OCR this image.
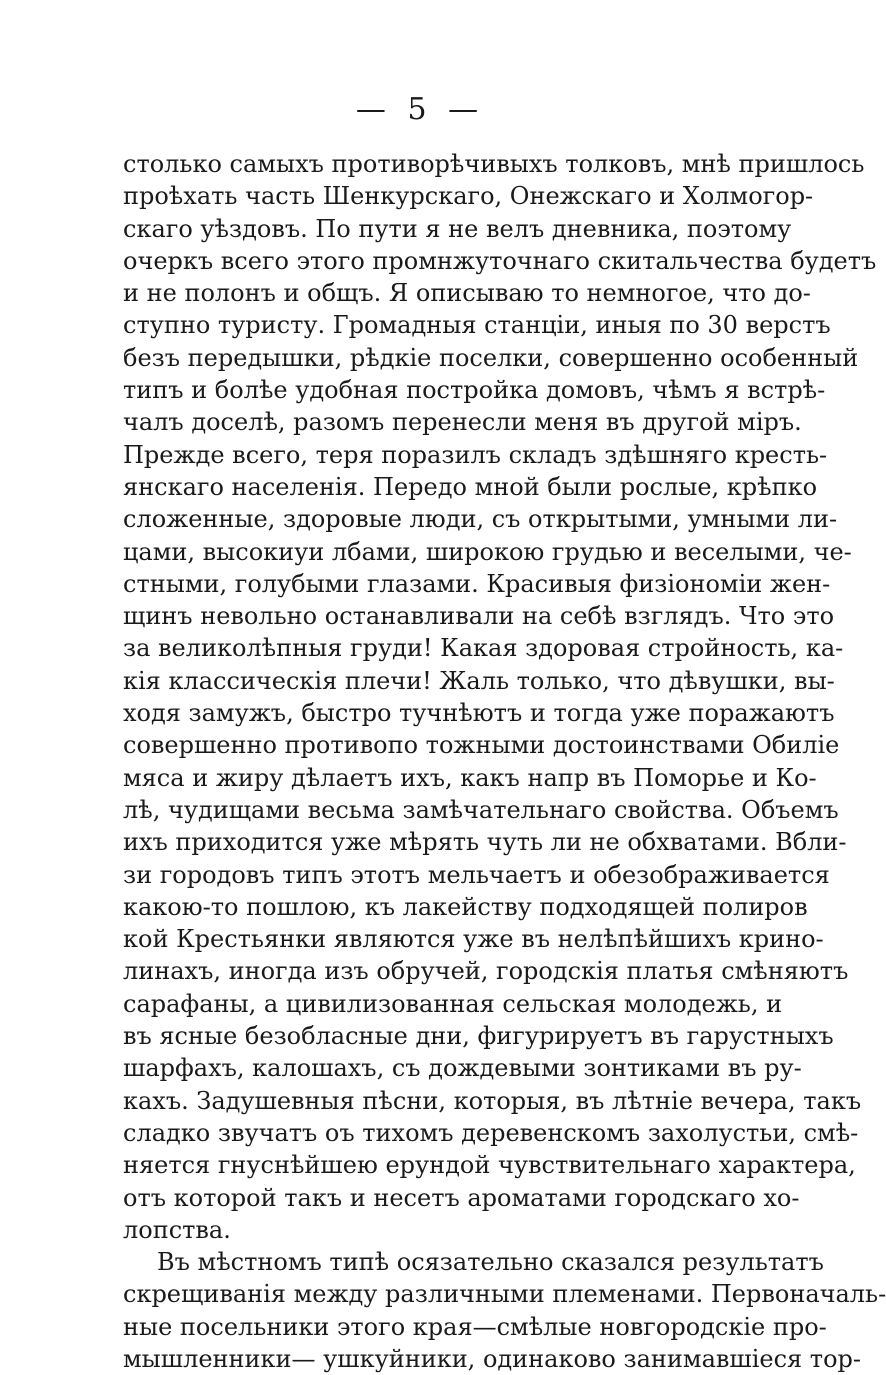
— 5 —
столько самыхъ противорѣчивыхъ толковъ, мнѣ пришлось
проѣхать часть Шенкурскаго, Онежскаго и Холмогор-
скаго уѣздовъ. По пути я не велъ дневника, поэтому
очеркъ всего этого промнжуточнаго скитальчества будетъ
и не полонъ и общъ. Я описываю то немногое, что до-
ступно туристу. Громадныя станціи, иныя по 30 верстъ
безъ передышки, рѣдкіе поселки, совершенно особенный
типъ и болѣе удобная постройка домовъ, чѣмъ я встрѣ-
чалъ доселѣ, разомъ перенесли меня въ другой міръ.
Прежде всего, теря поразилъ складъ здѣшняго кресть-
янскаго населенія. Передо мной были рослые, крѣпко
сложенные, здоровые люди, съ открытыми, умными ли-
цами, высокиуи лбами, широкою грудью и веселыми, че-
стными, голубыми глазами. Красивыя физіономіи жен-
щинъ невольно останавливали на себѣ взглядъ. Что это
за великолѣпныя груди! Какая здоровая стройность, ка-
кія классическія плечи! Жаль только, что дѣвушки, вы-
ходя замужъ, быстро тучнѣютъ и тогда уже поражаютъ
совершенно противопо тожными достоинствами Обиліе
мяса и жиру дѣлаетъ ихъ, какъ напр въ Поморье и Ко-
лѣ, чудищами весьма замѣчательнаго свойства. Объемъ
ихъ приходится уже мѣрять чуть ли не обхватами. Вбли-
зи городовъ типъ этотъ мельчаетъ и обезображивается
какою-то пошлою, къ лакейству подходящей полиров
кой Крестьянки являются уже въ нелѣпѣйшихъ крино-
линахъ, иногда изъ обручей, городскія платья смѣняютъ
сарафаны, а цивилизованная сельская молодежь, и
въ ясные безобласные дни, фигурируетъ въ гарустныхъ
шарфахъ, калошахъ, съ дождевыми зонтиками въ ру-
кахъ. Задушевныя пѣсни, которыя, въ лѣтніе вечера, такъ
сладко звучатъ оъ тихомъ деревенскомъ захолустьи, смѣ-
няется гнуснѣйшею ерундой чувствительнаго характера,
отъ которой такъ и несетъ ароматами городскаго хо-
лопства.
Въ мѣстномъ типѣ осязательно сказался результатъ
скрещиванія между различными племенами. Первоначаль-
ные посельники этого края—смѣлые новгородскіе про-
мышленники— ушкуйники, одинаково занимавшіеся тор-
